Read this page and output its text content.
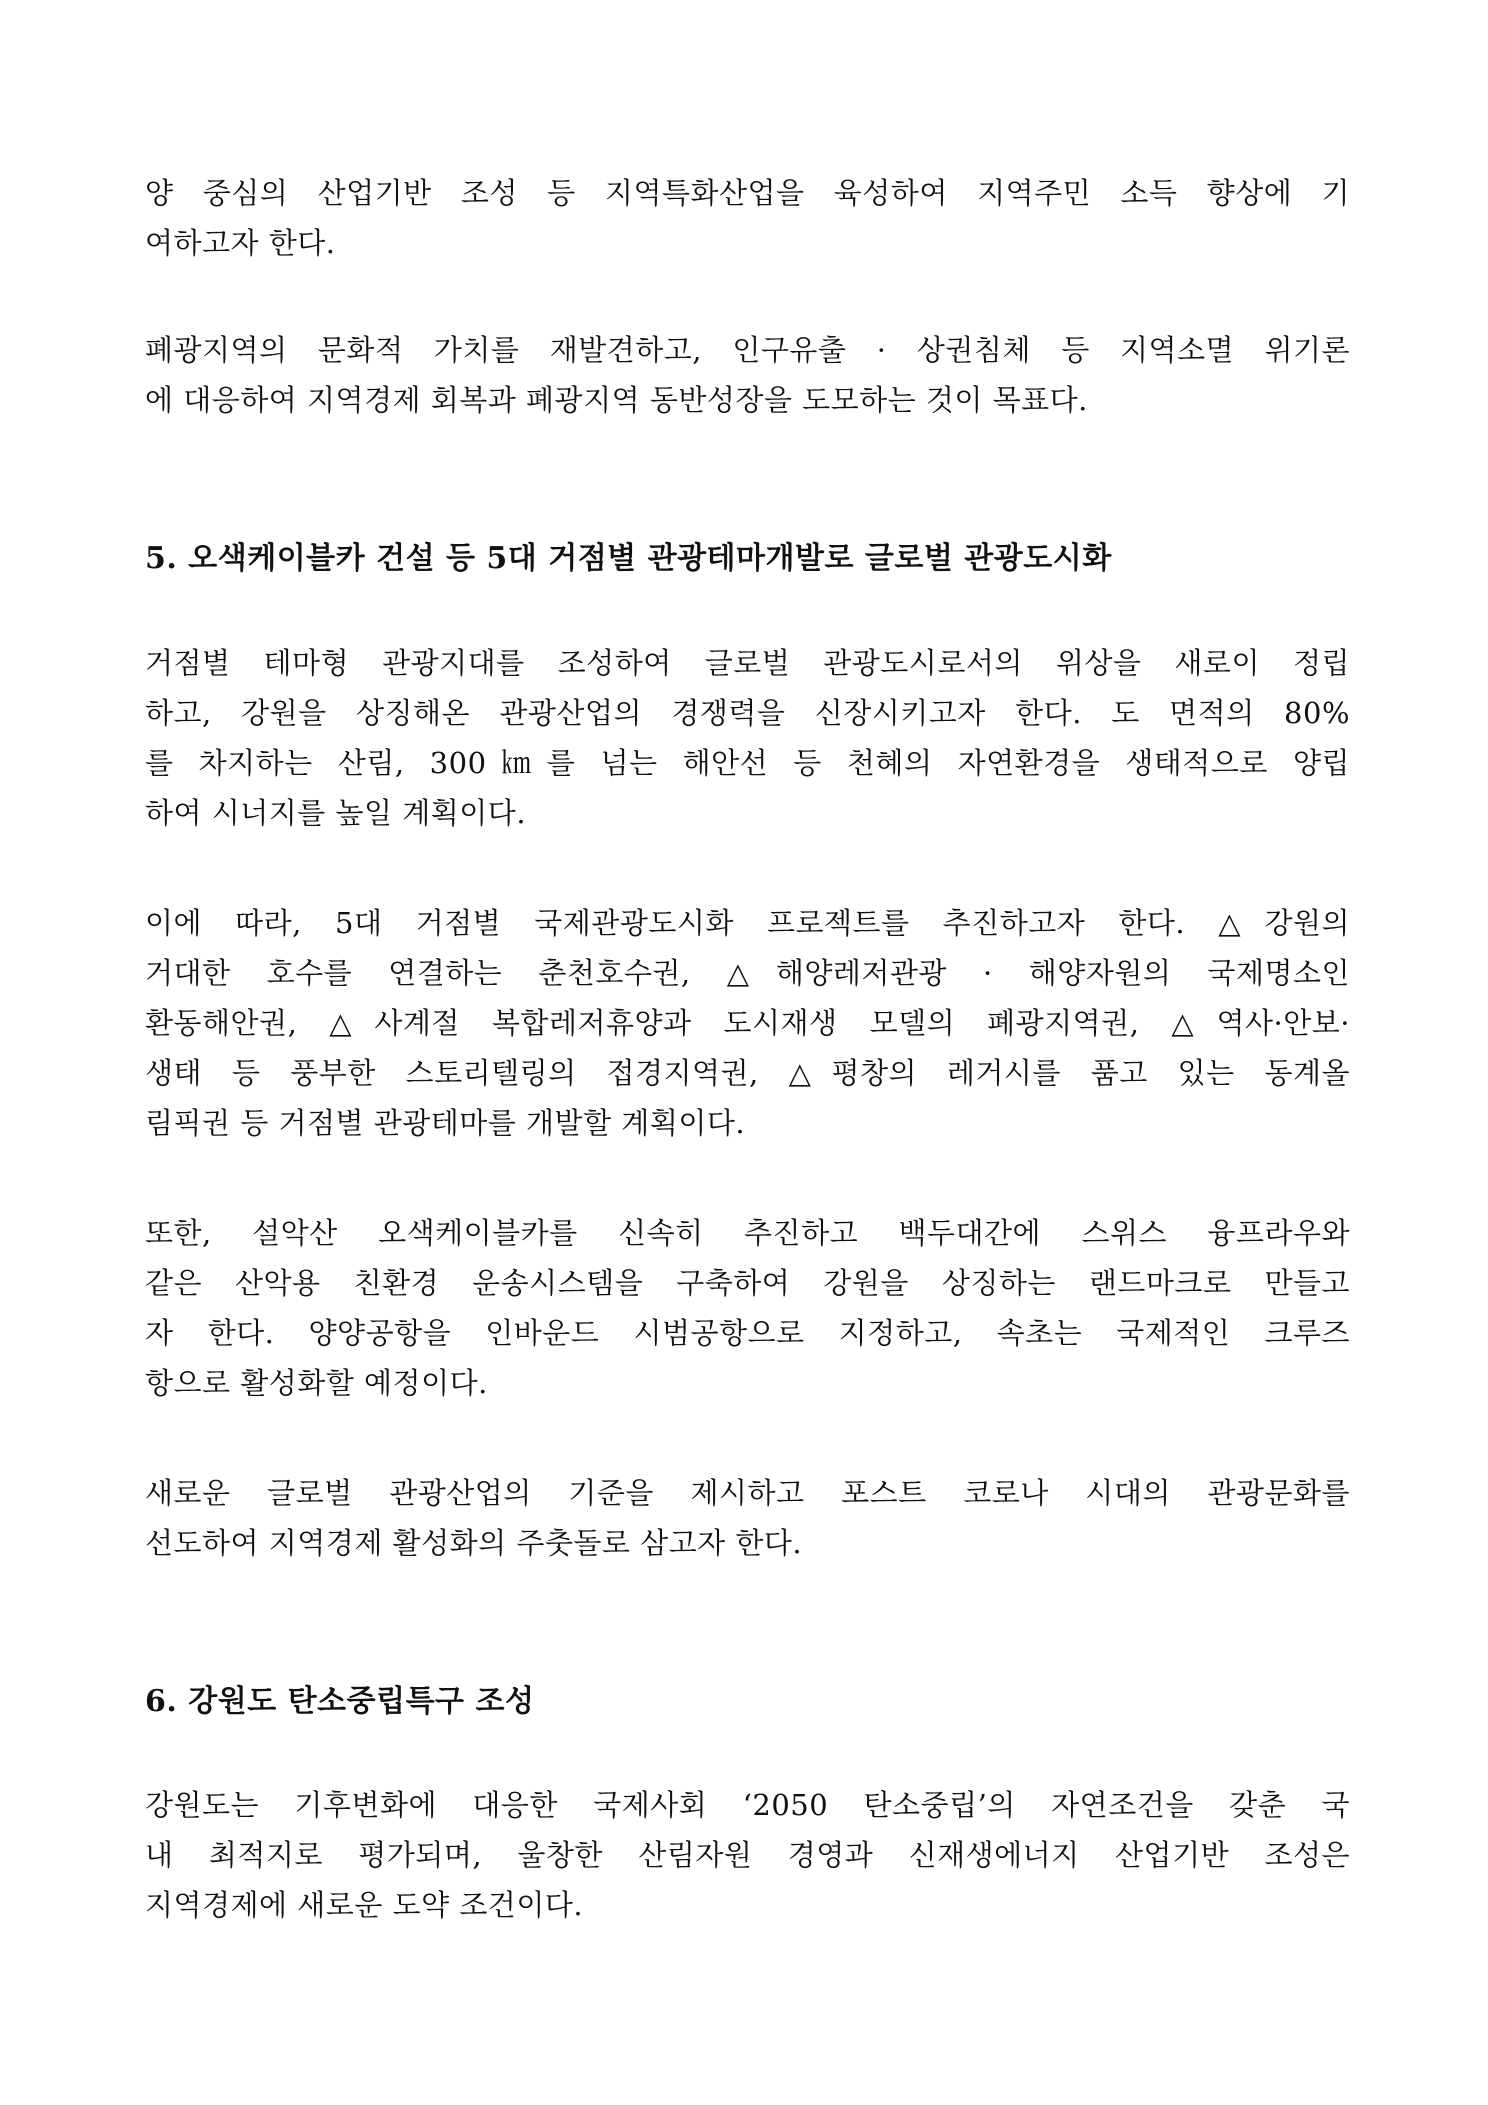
양 중심의 산업기반 조성 등 지역특화산업을 육성하여 지역주민 소득 향상에 기
여하고자 한다.
폐광지역의 문화적 가치를 재발견하고, 인구유출 · 상권침체 등 지역소멸 위기론
에 대응하여 지역경제 회복과 폐광지역 동반성장을 도모하는 것이 목표다.
5. 오색케이블카 건설 등 5대 거점별 관광테마개발로 글로벌 관광도시화
거점별 테마형 관광지대를 조성하여 글로벌 관광도시로서의 위상을 새로이 정립
하고, 강원을 상징해온 관광산업의 경쟁력을 신장시키고자 한다. 도 면적의 80%
를 차지하는 산림, 300㎞를 넘는 해안선 등 천혜의 자연환경을 생태적으로 양립
하여 시너지를 높일 계획이다.
이에 따라, 5대 거점별 국제관광도시화 프로젝트를 추진하고자 한다. △강원의
거대한 호수를 연결하는 춘천호수권, △해양레저관광 · 해양자원의 국제명소인
환동해안권, △사계절 복합레저휴양과 도시재생 모델의 폐광지역권, △역사·안보·
생태 등 풍부한 스토리텔링의 접경지역권, △평창의 레거시를 품고 있는 동계올
림픽권 등 거점별 관광테마를 개발할 계획이다.
또한, 설악산 오색케이블카를 신속히 추진하고 백두대간에 스위스 융프라우와
같은 산악용 친환경 운송시스템을 구축하여 강원을 상징하는 랜드마크로 만들고
자 한다. 양양공항을 인바운드 시범공항으로 지정하고, 속초는 국제적인 크루즈
항으로 활성화할 예정이다.
새로운 글로벌 관광산업의 기준을 제시하고 포스트 코로나 시대의 관광문화를
선도하여 지역경제 활성화의 주춧돌로 삼고자 한다.
6. 강원도 탄소중립특구 조성
강원도는 기후변화에 대응한 국제사회 ‘2050 탄소중립’의 자연조건을 갖춘 국
내 최적지로 평가되며, 울창한 산림자원 경영과 신재생에너지 산업기반 조성은
지역경제에 새로운 도약 조건이다.
